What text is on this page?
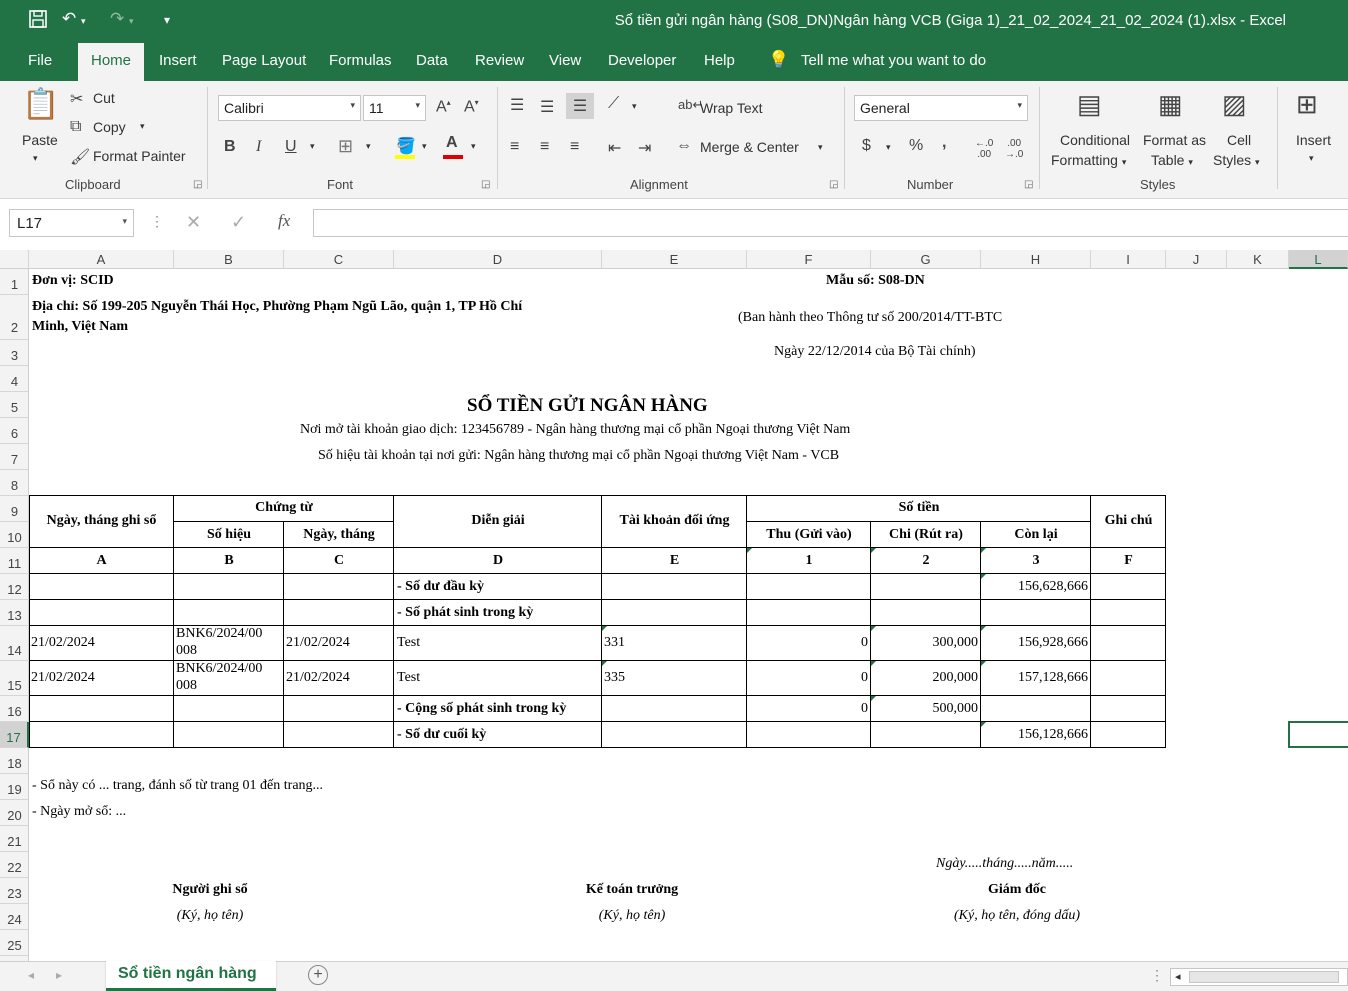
↶ ▾ ↷ ▾	▾	Sổ tiền gửi ngân hàng (S08_DN)Ngân hàng VCB (Giga 1)_21_02_2024_21_02_2024 (1).xlsx - Excel
File	Home	Insert Page Layout Formulas Data Review View Developer Help 💡 Tell me what you want to do
📋
Paste
▾
✂ Cut
⧉ Copy ▾
🖌 Format Painter
Clipboard	◲
Calibri	▾	11	▾ A▴ A▾
B I U ▾ ⊞ ▾ 🪣 ▾ A ▾
Font	◲
☰ ☰	☰	⟋ ▾	ab↵
Wrap Text
≡ ≡ ≡ ⇤ ⇥ ⇔ Merge & Center ▾
Alignment	◲
General	▾
$ ▾ % ,	←.0
.00
.00
→.0
Number	◲
▤
Conditional
Formatting ▾
▦
Format as
Table ▾
▨
Cell
Styles ▾
Styles
⊞
Insert
▾
L17	▾ ⋮ ✕ ✓ fx
A	B	C	D	E	F	G	H	I	J	K	L
1
2
3
4
5
6
7
8
9
10
11
12
13
14
15
16
17
18
19
20
21
22
23
24
25
Đơn vị: SCID
Địa chỉ: Số 199-205 Nguyễn Thái Học, Phường Phạm Ngũ Lão, quận 1, TP Hồ Chí
Minh, Việt Nam
Mẫu số: S08-DN
(Ban hành theo Thông tư số 200/2014/TT-BTC
Ngày 22/12/2014 của Bộ Tài chính)
SỔ TIỀN GỬI NGÂN HÀNG
Nơi mở tài khoản giao dịch: 123456789 - Ngân hàng thương mại cổ phần Ngoại thương Việt Nam
Số hiệu tài khoản tại nơi gửi: Ngân hàng thương mại cổ phần Ngoại thương Việt Nam - VCB
Ngày, tháng ghi sổ
Chứng từ
Số hiệu	Ngày, tháng
Diễn giải	Tài khoản đối ứng
Số tiền
Thu (Gửi vào)	Chi (Rút ra)	Còn lại
Ghi chú
A	B	C	D	E	1	2	3	F
- Số dư đầu kỳ	156,628,666
- Số phát sinh trong kỳ
21/02/2024
BNK6/2024/00
008
21/02/2024	Test	331	0	300,000	156,928,666
21/02/2024
BNK6/2024/00
008
21/02/2024	Test	335	0	200,000	157,128,666
- Cộng số phát sinh trong kỳ	0	500,000
- Số dư cuối kỳ	156,128,666
- Sổ này có ... trang, đánh số từ trang 01 đến trang...
- Ngày mở sổ: ...
Ngày.....tháng.....năm.....
Người ghi sổ
(Ký, họ tên)
Kế toán trưởng
(Ký, họ tên)
Giám đốc
(Ký, họ tên, đóng dấu)
◂ ▸	Sổ tiền ngân hàng	+	⋮ ◂
